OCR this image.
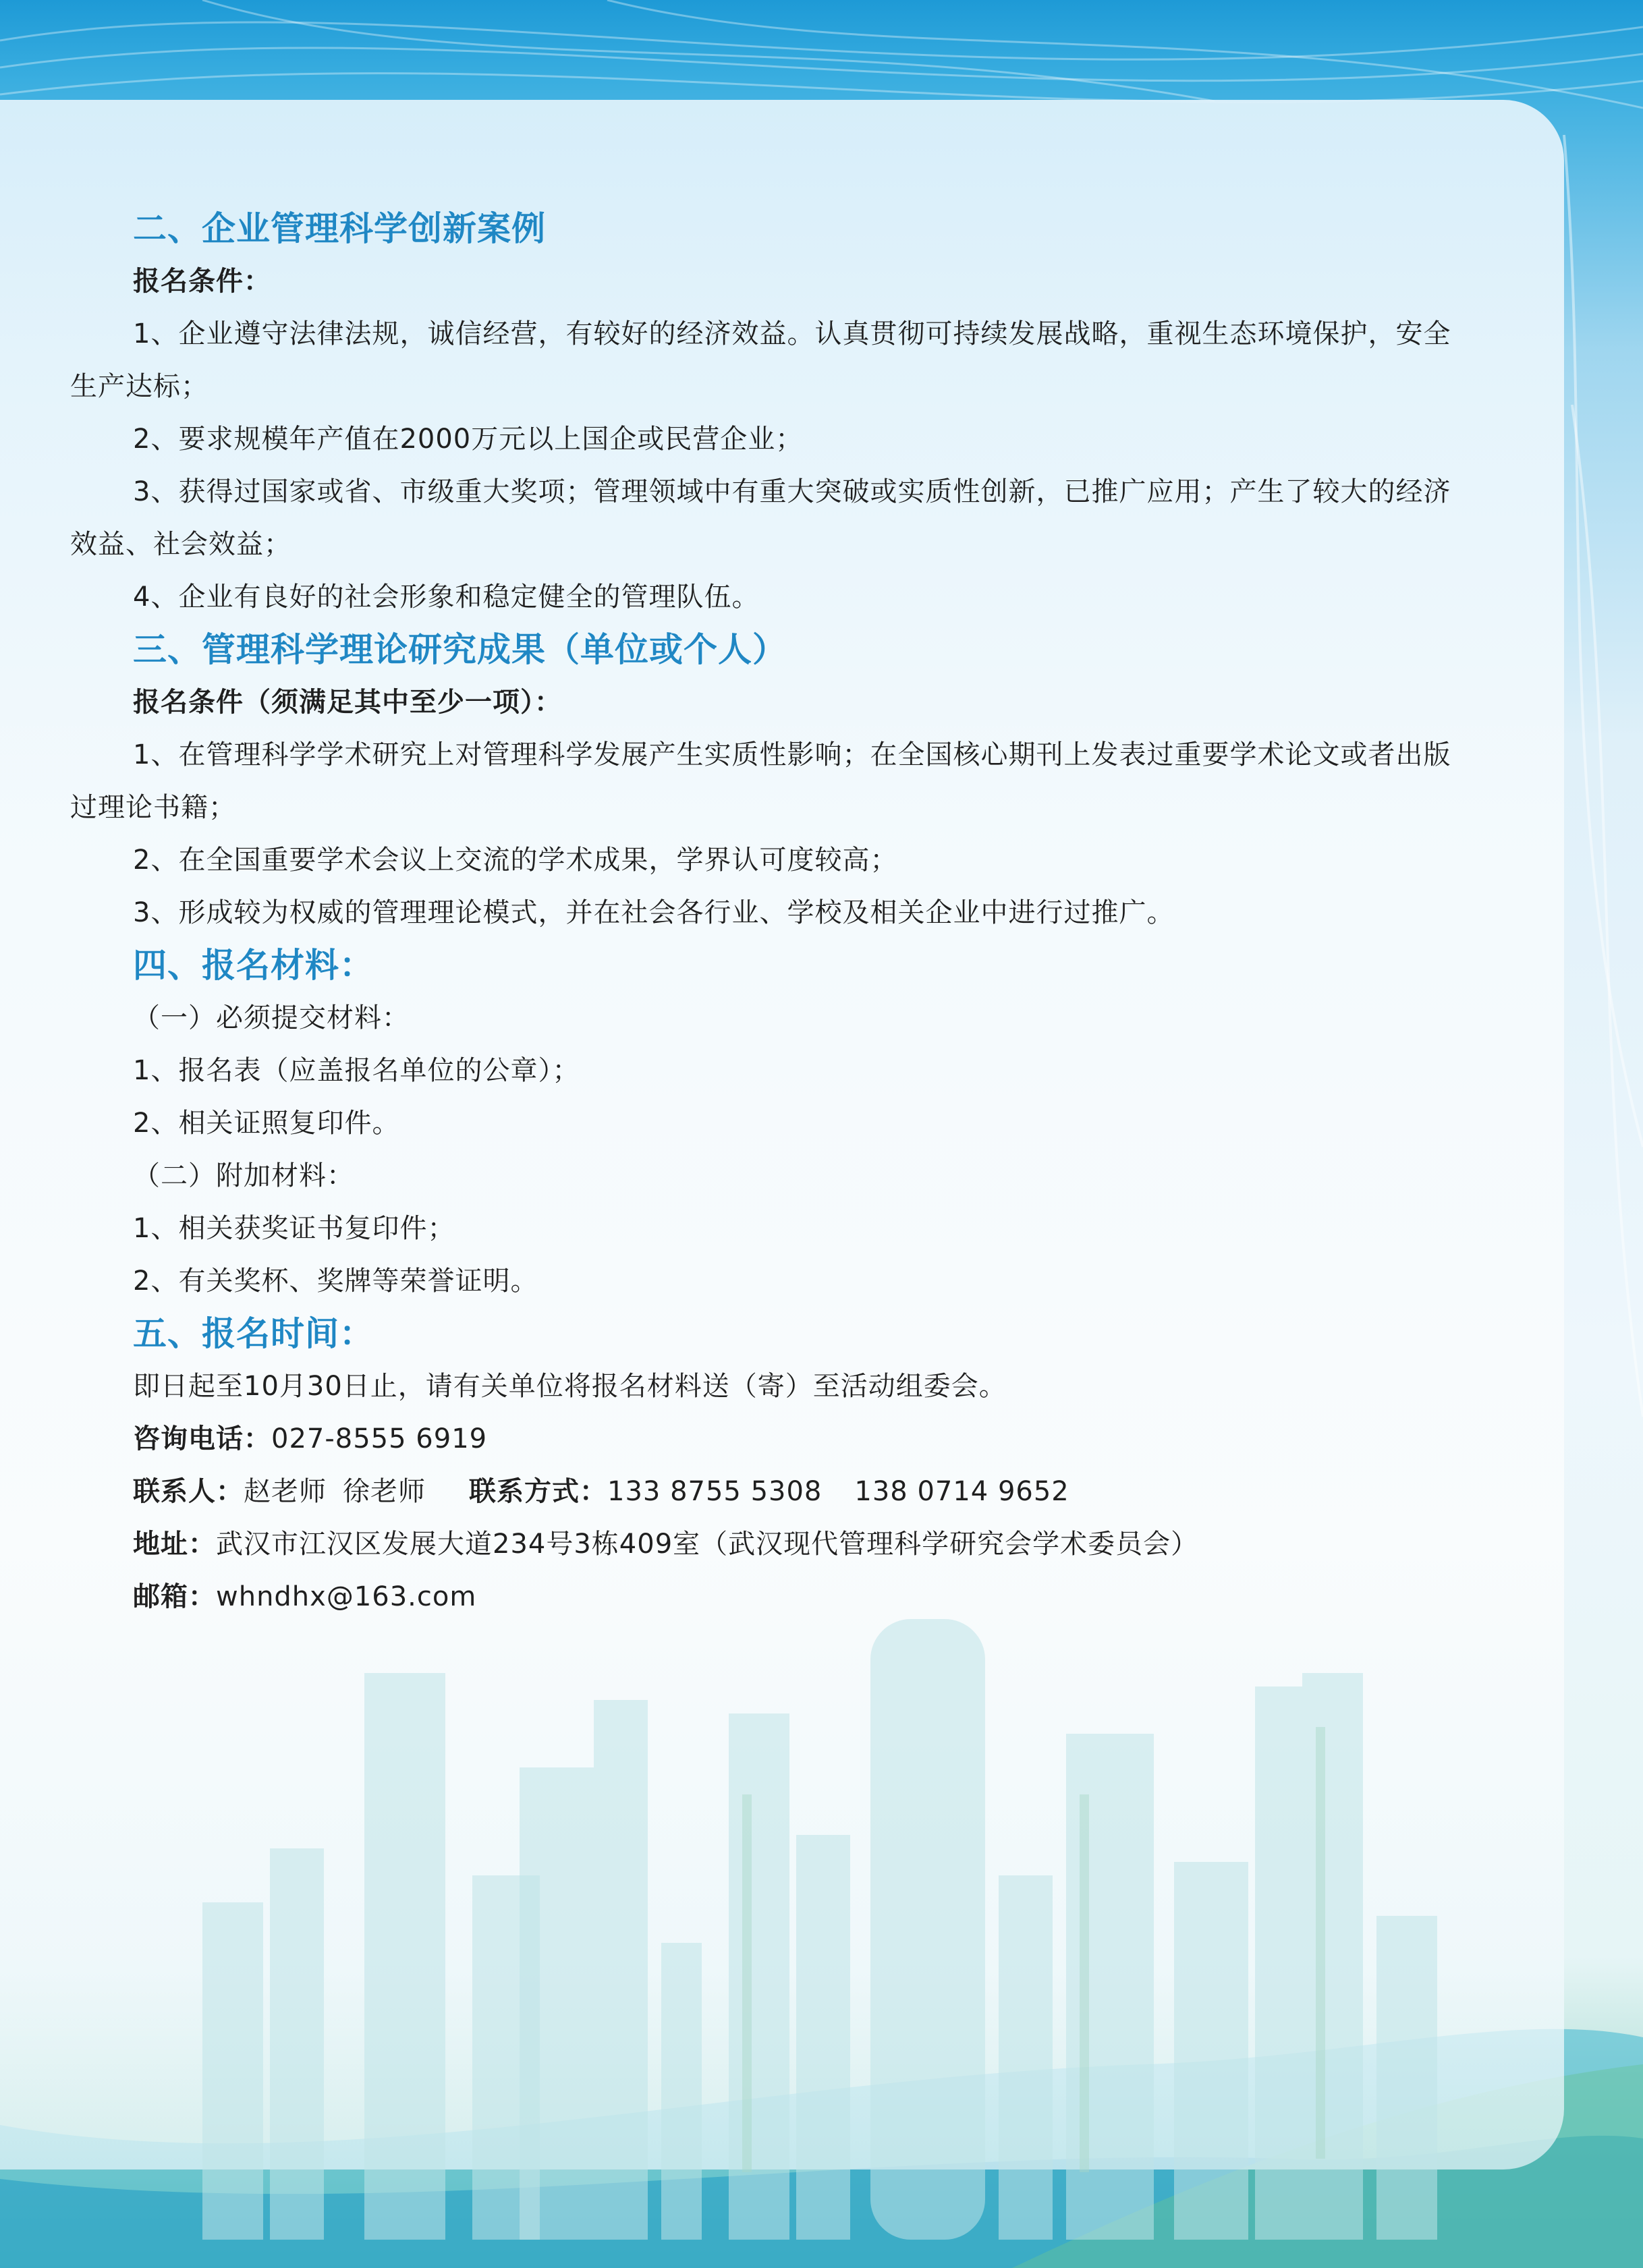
二、企业管理科学创新案例
报名条件：
1、企业遵守法律法规，诚信经营，有较好的经济效益。认真贯彻可持续发展战略，重视生态环境保护，安全生产达标；
2、要求规模年产值在2000万元以上国企或民营企业；
3、获得过国家或省、市级重大奖项；管理领域中有重大突破或实质性创新，已推广应用；产生了较大的经济效益、社会效益；
4、企业有良好的社会形象和稳定健全的管理队伍。
三、管理科学理论研究成果（单位或个人）
报名条件（须满足其中至少一项）：
1、在管理科学学术研究上对管理科学发展产生实质性影响；在全国核心期刊上发表过重要学术论文或者出版过理论书籍；
2、在全国重要学术会议上交流的学术成果，学界认可度较高；
3、形成较为权威的管理理论模式，并在社会各行业、学校及相关企业中进行过推广。
四、报名材料：
（一）必须提交材料：
1、报名表（应盖报名单位的公章）；
2、相关证照复印件。
（二）附加材料：
1、相关获奖证书复印件；
2、有关奖杯、奖牌等荣誉证明。
五、报名时间：
即日起至10月30日止，请有关单位将报名材料送（寄）至活动组委会。
咨询电话：027-8555 6919
联系人：赵老师 徐老师 联系方式：133 8755 5308 138 0714 9652
地址：武汉市江汉区发展大道234号3栋409室（武汉现代管理科学研究会学术委员会）
邮箱：whndhx@163.com
